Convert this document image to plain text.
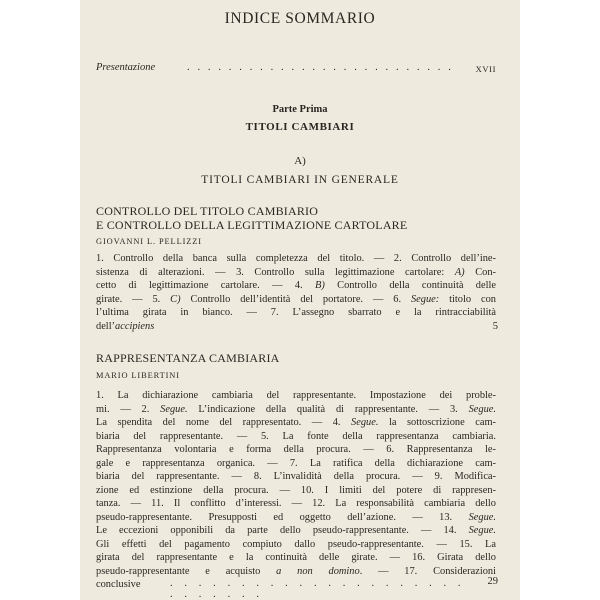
INDICE SOMMARIO
Presentazione	. . . . . . . . . . . . . . . . . . . . . . . . . .	XVII
Parte Prima
TITOLI CAMBIARI
A)
TITOLI CAMBIARI IN GENERALE
CONTROLLO DEL TITOLO CAMBIARIO
E CONTROLLO DELLA LEGITTIMAZIONE CARTOLARE
GIOVANNI L. PELLIZZI
1. Controllo della banca sulla completezza del titolo. — 2. Controllo dell’ine-
sistenza di alterazioni. — 3. Controllo sulla legittimazione cartolare: A) Con-
cetto di legittimazione cartolare. — 4. B) Controllo della continuità delle
girate. — 5. C) Controllo dell’identità del portatore. — 6. Segue: titolo con
l’ultima girata in bianco. — 7. L’assegno sbarrato e la rintracciabilità
dell’accipiens	5
RAPPRESENTANZA CAMBIARIA
MARIO LIBERTINI
1. La dichiarazione cambiaria del rappresentante. Impostazione dei proble-
mi. — 2. Segue. L’indicazione della qualità di rappresentante. — 3. Segue.
La spendita del nome del rappresentato. — 4. Segue. la sottoscrizione cam-
biaria del rappresentante. — 5. La fonte della rappresentanza cambiaria.
Rappresentanza volontaria e forma della procura. — 6. Rappresentanza le-
gale e rappresentanza organica. — 7. La ratifica della dichiarazione cam-
biaria del rappresentante. — 8. L’invalidità della procura. — 9. Modifica-
zione ed estinzione della procura. — 10. I limiti del potere di rappresen-
tanza. — 11. Il conflitto d’interessi. — 12. La responsabilità cambiaria dello
pseudo-rappresentante. Presupposti ed oggetto dell’azione. — 13. Segue.
Le eccezioni opponibili da parte dello pseudo-rappresentante. — 14. Segue.
Gli effetti del pagamento compiuto dallo pseudo-rappresentante. — 15. La
girata del rappresentante e la continuità delle girate. — 16. Girata dello
pseudo-rappresentante e acquisto a non domino. — 17. Considerazioni
conclusive	. . . . . . . . . . . . . . . . . . . . . . . . . . . .
29
